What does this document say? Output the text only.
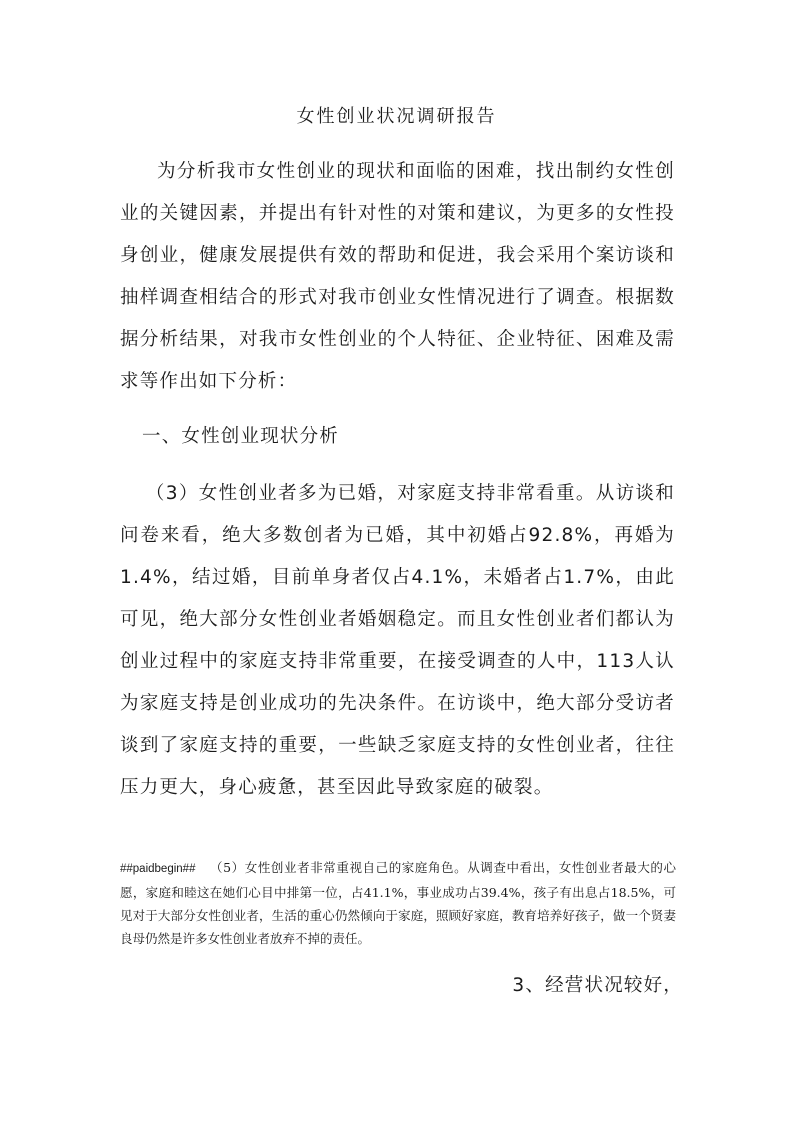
女性创业状况调研报告

为分析我市女性创业的现状和面临的困难，找出制约女性创业的关键因素，并提出有针对性的对策和建议，为更多的女性投身创业，健康发展提供有效的帮助和促进，我会采用个案访谈和抽样调查相结合的形式对我市创业女性情况进行了调查。根据数据分析结果，对我市女性创业的个人特征、企业特征、困难及需求等作出如下分析：

一、女性创业现状分析

（3）女性创业者多为已婚，对家庭支持非常看重。从访谈和问卷来看，绝大多数创者为已婚，其中初婚占92.8%，再婚为1.4%，结过婚，目前单身者仅占4.1%，未婚者占1.7%，由此可见，绝大部分女性创业者婚姻稳定。而且女性创业者们都认为创业过程中的家庭支持非常重要，在接受调查的人中，113人认为家庭支持是创业成功的先决条件。在访谈中，绝大部分受访者谈到了家庭支持的重要，一些缺乏家庭支持的女性创业者，往往压力更大，身心疲惫，甚至因此导致家庭的破裂。

##paidbegin## （5）女性创业者非常重视自己的家庭角色。从调查中看出，女性创业者最大的心愿，家庭和睦这在她们心目中排第一位，占41.1%，事业成功占39.4%，孩子有出息占18.5%，可见对于大部分女性创业者，生活的重心仍然倾向于家庭，照顾好家庭，教育培养好孩子，做一个贤妻良母仍然是许多女性创业者放弃不掉的责任。

3、经营状况较好，
